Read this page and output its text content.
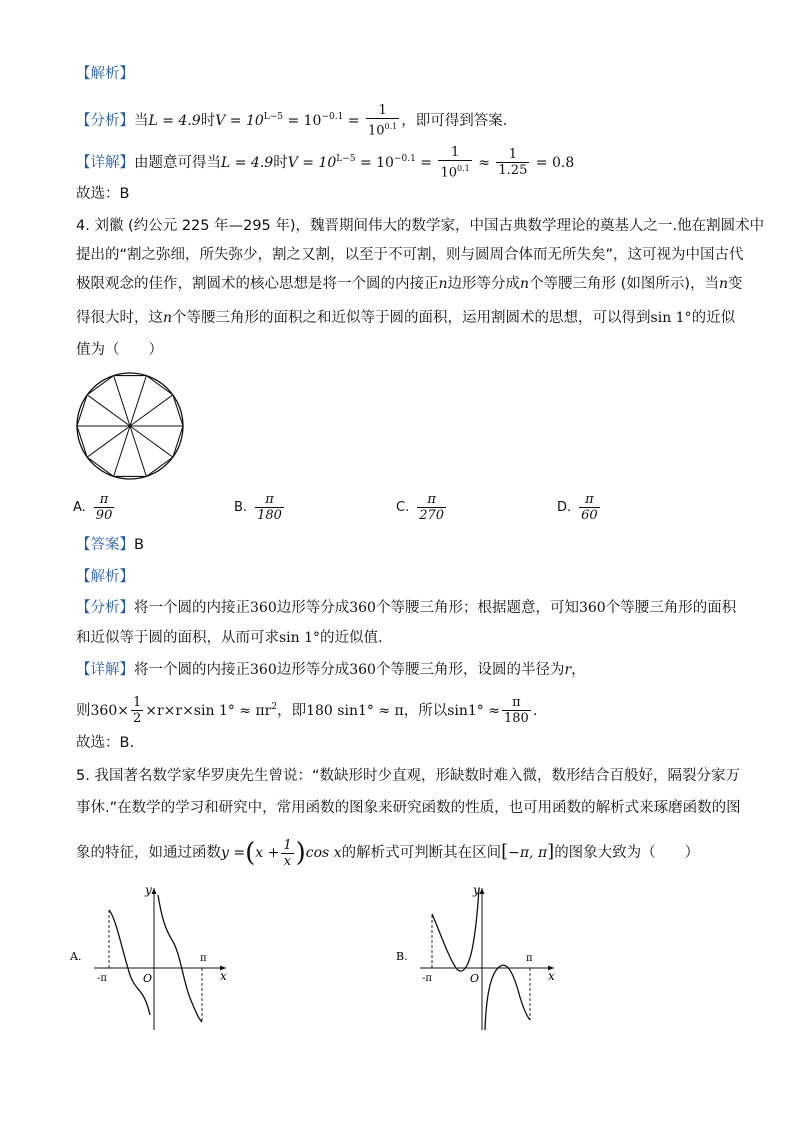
【解析】
【分析】当L = 4.9时$V = 10^{L-5} = 10^{-0.1} = \frac{1}{10^{0.1}}$ ，即可得到答案.
【详解】由题意可得当L = 4.9时$V = 10^{L-5} = 10^{-0.1} = \frac{1}{10^{0.1}} \approx \frac{1}{1.25} = 0.8$
故选：B
4. 刘徽 (约公元 225 年—295 年)，魏晋期间伟大的数学家，中国古典数学理论的奠基人之一.他在割圆术中
提出的“割之弥细，所失弥少，割之又割，以至于不可割，则与圆周合体而无所失矣”，这可视为中国古代
极限观念的佳作，割圆术的核心思想是将一个圆的内接正n边形等分成n个等腰三角形 (如图所示)，当n变
得很大时，这n个等腰三角形的面积之和近似等于圆的面积，运用割圆术的思想，可以得到sin 1°的近似
值为（　　）
A. $\frac{\pi}{90}$	B. $\frac{\pi}{180}$	C. $\frac{\pi}{270}$	D. $\frac{\pi}{60}$
【答案】B
【解析】
【分析】将一个圆的内接正360边形等分成360个等腰三角形；根据题意，可知360个等腰三角形的面积
和近似等于圆的面积，从而可求sin 1°的近似值.
【详解】将一个圆的内接正360边形等分成360个等腰三角形，设圆的半径为r，
则$360\times \frac{1}{2} \times r\times r\times\sin$ $1^\circ \approx \pi r^2$，即180 sin1° ≈ π，所以$\sin 1^\circ \approx \frac{\pi}{180}$ .
故选：B.
5. 我国著名数学家华罗庚先生曾说：“数缺形时少直观，形缺数时难入微，数形结合百般好，隔裂分家万
事休.”在数学的学习和研究中，常用函数的图象来研究函数的性质，也可用函数的解析式来琢磨函数的图
象的特征，如通过函数$y =(x + \frac{1}{x} )\cos$ x的解析式可判断其在区间[−π, π]的图象大致为（　　）
A.
y
x
O
-π
π	B.
y
x
O
-π
π
